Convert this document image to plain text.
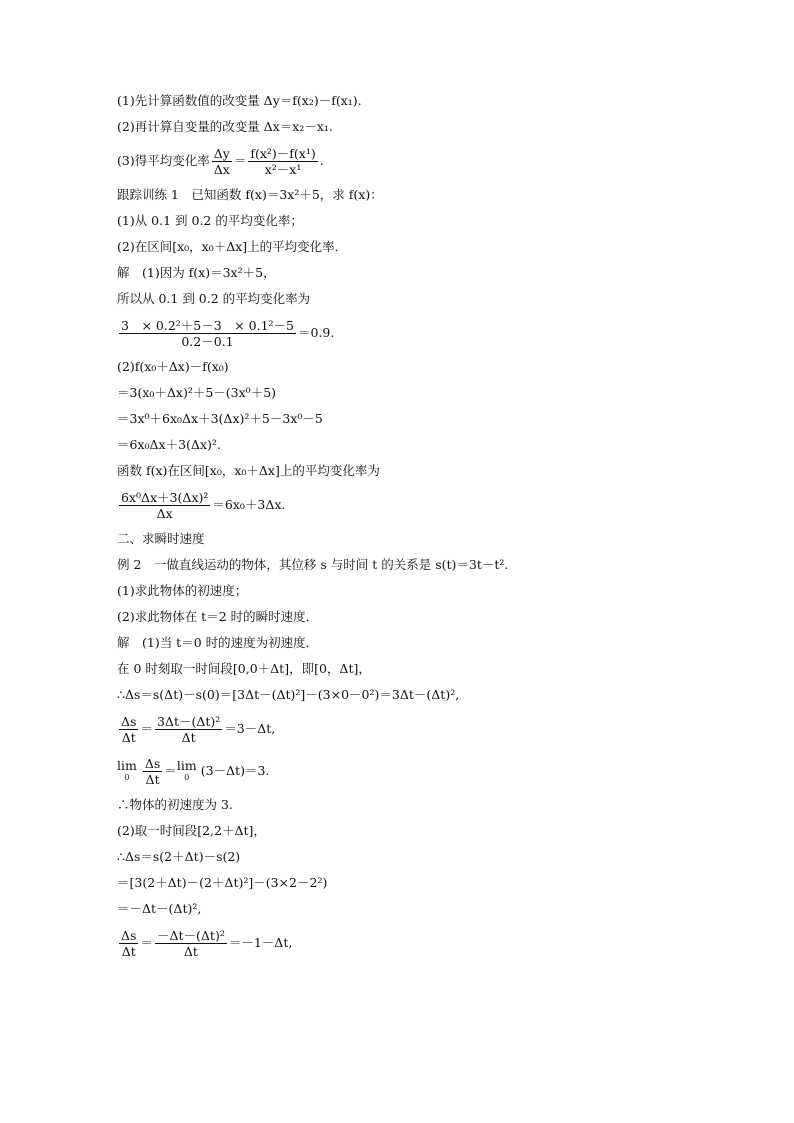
(1)先计算函数值的改变量 Δy＝f(x₂)－f(x₁).
(2)再计算自变量的改变量 Δx＝x₂－x₁.
(3)得平均变化率 $\frac{\Delta y}{\Delta x} = \frac{\text{f(x²)－f(x¹)}}{\text{x²－x¹}}$ .
跟踪训练 1　已知函数 f(x)＝3x²＋5，求 f(x)：
(1)从 0.1 到 0.2 的平均变化率；
(2)在区间[x₀，x₀＋Δx]上的平均变化率．
解　(1)因为 f(x)＝3x²＋5，
所以从 0.1 到 0.2 的平均变化率为
$\frac{\text{3　× 0.2²＋5－3　× 0.1²－5}}{0.2-0.1} =0.9$.
(2)f(x₀＋Δx)－f(x₀)
＝3(x₀＋Δx)²＋5－(3x⁰＋5)
＝3x⁰＋6x₀Δx＋3(Δx)²＋5－3x⁰－5
＝6x₀Δx＋3(Δx)².
函数 f(x)在区间[x₀，x₀＋Δx]上的平均变化率为
$\frac{\text{6x⁰Δx＋3(Δx)²}}{\Delta x} =6x_0+3\Delta x$.
二、求瞬时速度
例 2　一做直线运动的物体，其位移 s 与时间 t 的关系是 s(t)＝3t－t².
(1)求此物体的初速度；
(2)求此物体在 t＝2 时的瞬时速度．
解　(1)当 t＝0 时的速度为初速度．
在 0 时刻取一时间段[0,0＋Δt]，即[0，Δt]，
∴Δs＝s(Δt)－s(0)＝[3Δt－(Δt)²]－(3×0－0²)＝3Δt－(Δt)²,
$\frac{\Delta s}{\Delta t} = \frac{\text{3Δt－(Δt)²}}{\Delta t} =3-\Delta t$,
lim
0	$\frac{\Delta s}{\Delta t} = \lim$
0 (3－Δt)＝3.
∴物体的初速度为 3.
(2)取一时间段[2,2＋Δt]，
∴Δs＝s(2＋Δt)－s(2)
＝[3(2＋Δt)－(2＋Δt)²]－(3×2－2²)
＝－Δt－(Δt)²,
$\frac{\Delta s}{\Delta t} = \frac{\text{－Δt－(Δt)²}}{\Delta t} =-1-\Delta t$,
